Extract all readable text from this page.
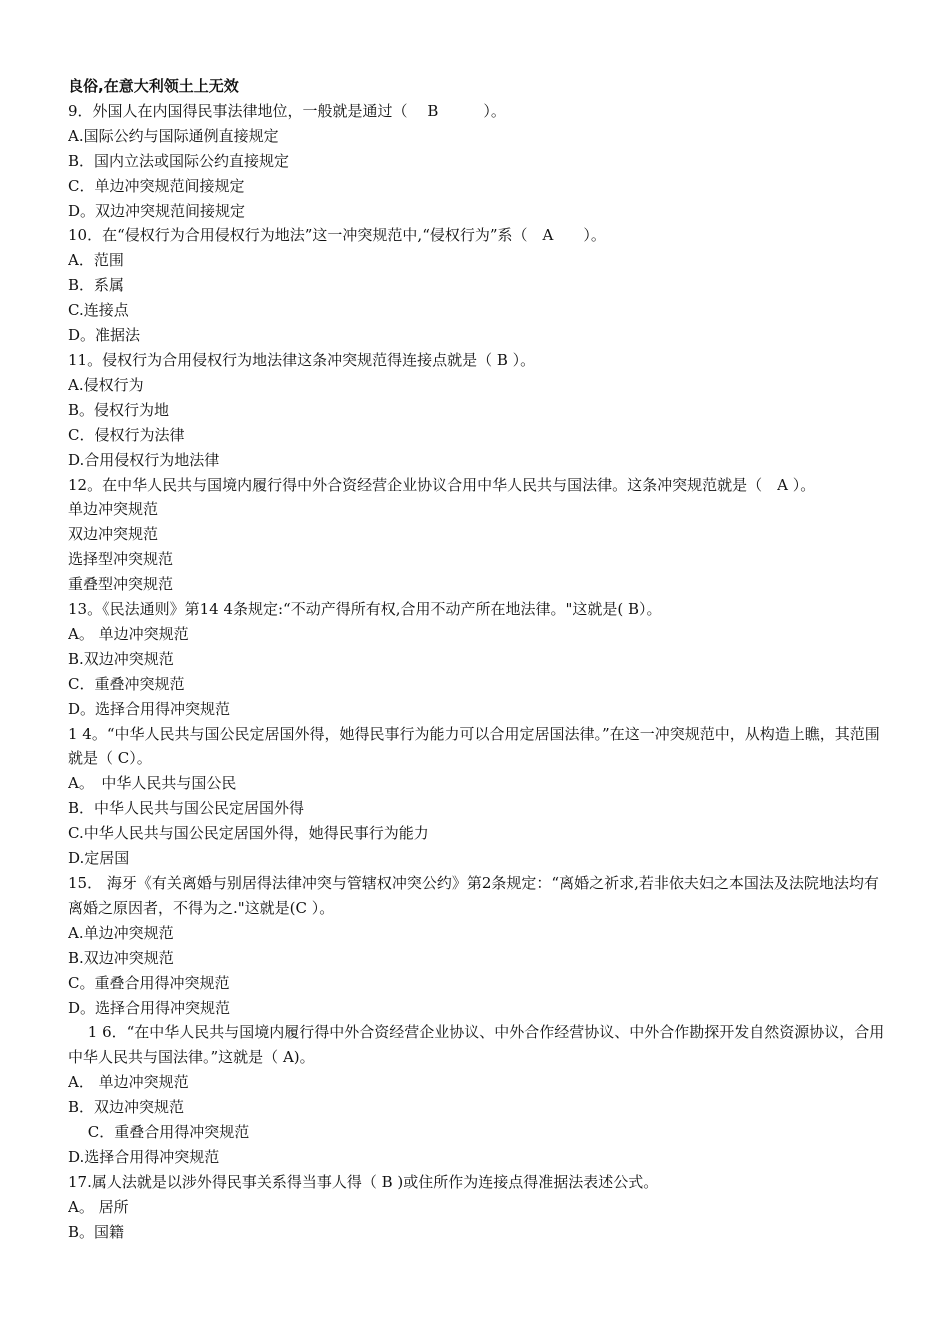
良俗,在意大利领土上无效
9．外国人在内国得民事法律地位，一般就是通过（　 B　　　）。
A.国际公约与国际通例直接规定
B．国内立法或国际公约直接规定
C．单边冲突规范间接规定
D。双边冲突规范间接规定
10．在“侵权行为合用侵权行为地法”这一冲突规范中,“侵权行为”系（　A　　）。
A．范围
B．系属
C.连接点
D。准据法
11。侵权行为合用侵权行为地法律这条冲突规范得连接点就是（ B ）。
A.侵权行为
B。侵权行为地
C．侵权行为法律
D.合用侵权行为地法律
12。在中华人民共与国境内履行得中外合资经营企业协议合用中华人民共与国法律。这条冲突规范就是（　A ）。
单边冲突规范
双边冲突规范
选择型冲突规范
重叠型冲突规范
13。《民法通则》第14 4条规定:“不动产得所有权,合用不动产所在地法律。"这就是( B）。
A。 单边冲突规范
B.双边冲突规范
C．重叠冲突规范
D。选择合用得冲突规范
1 4。“中华人民共与国公民定居国外得，她得民事行为能力可以合用定居国法律。”在这一冲突规范中，从构造上瞧，其范围就是（ C）。
A。　中华人民共与国公民
B．中华人民共与国公民定居国外得
C.中华人民共与国公民定居国外得，她得民事行为能力
D.定居国
15． 海牙《有关离婚与别居得法律冲突与管辖权冲突公约》第2条规定：“离婚之祈求,若非依夫妇之本国法及法院地法均有离婚之原因者，不得为之."这就是(C ）。
A.单边冲突规范
B.双边冲突规范
C。重叠合用得冲突规范
D。选择合用得冲突规范
　 1 6．“在中华人民共与国境内履行得中外合资经营企业协议、中外合作经营协议、中外合作勘探开发自然资源协议，合用中华人民共与国法律。”这就是（ A)。
A． 单边冲突规范
B．双边冲突规范
　 C．重叠合用得冲突规范
D.选择合用得冲突规范
17.属人法就是以涉外得民事关系得当事人得（ B )或住所作为连接点得准据法表述公式。
A。 居所
B。国籍
